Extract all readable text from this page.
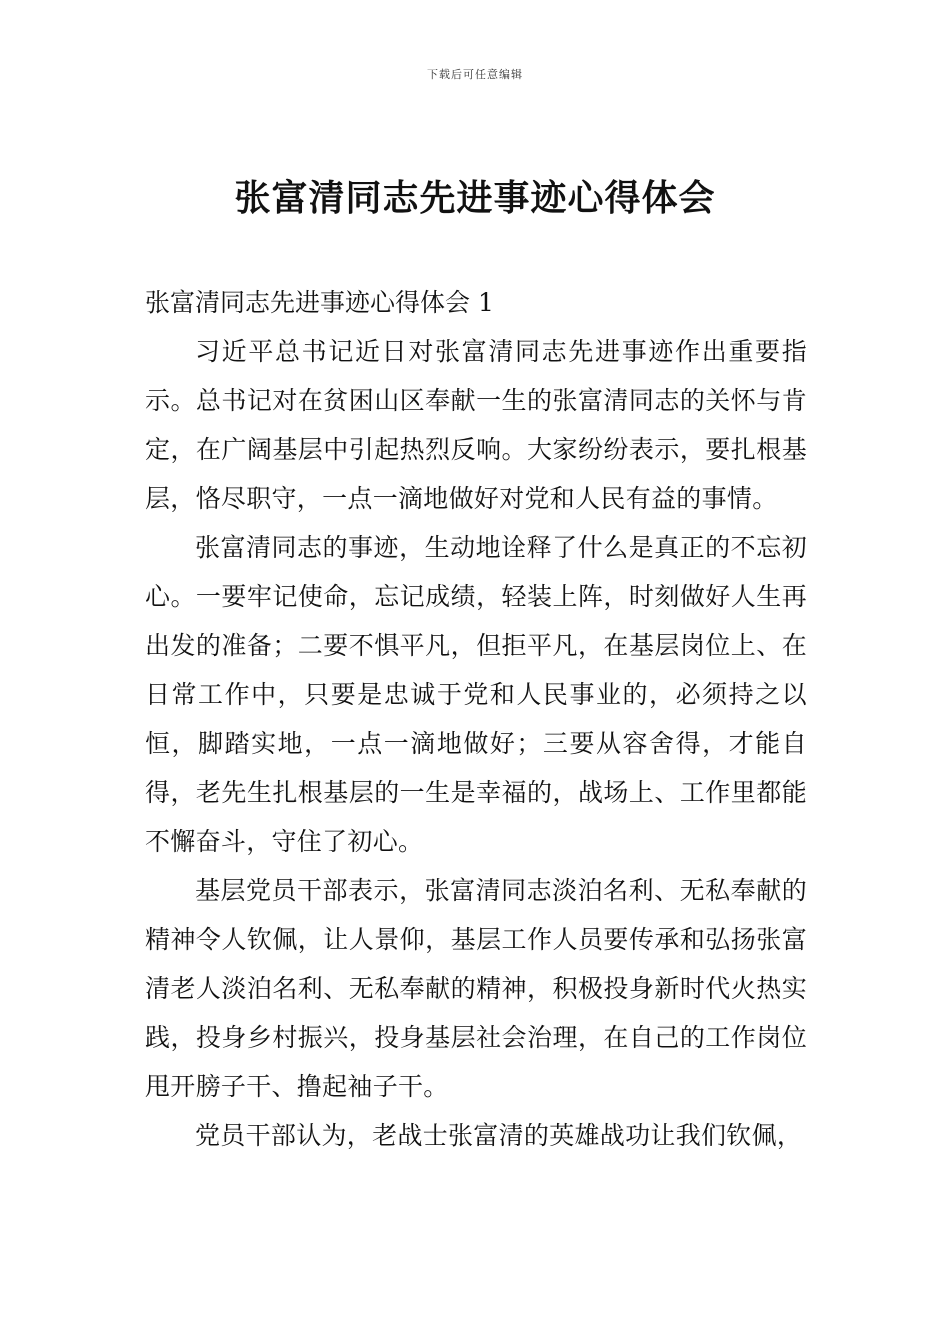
下载后可任意编辑
张富清同志先进事迹心得体会

张富清同志先进事迹心得体会 1

习近平总书记近日对张富清同志先进事迹作出重要指示。总书记对在贫困山区奉献一生的张富清同志的关怀与肯定，在广阔基层中引起热烈反响。大家纷纷表示，要扎根基层，恪尽职守，一点一滴地做好对党和人民有益的事情。

张富清同志的事迹，生动地诠释了什么是真正的不忘初心。一要牢记使命，忘记成绩，轻装上阵，时刻做好人生再出发的准备；二要不惧平凡，但拒平凡，在基层岗位上、在日常工作中，只要是忠诚于党和人民事业的，必须持之以恒，脚踏实地，一点一滴地做好；三要从容舍得，才能自得，老先生扎根基层的一生是幸福的，战场上、工作里都能不懈奋斗，守住了初心。

基层党员干部表示，张富清同志淡泊名利、无私奉献的精神令人钦佩，让人景仰，基层工作人员要传承和弘扬张富清老人淡泊名利、无私奉献的精神，积极投身新时代火热实践，投身乡村振兴，投身基层社会治理，在自己的工作岗位甩开膀子干、撸起袖子干。

党员干部认为，老战士张富清的英雄战功让我们钦佩，
